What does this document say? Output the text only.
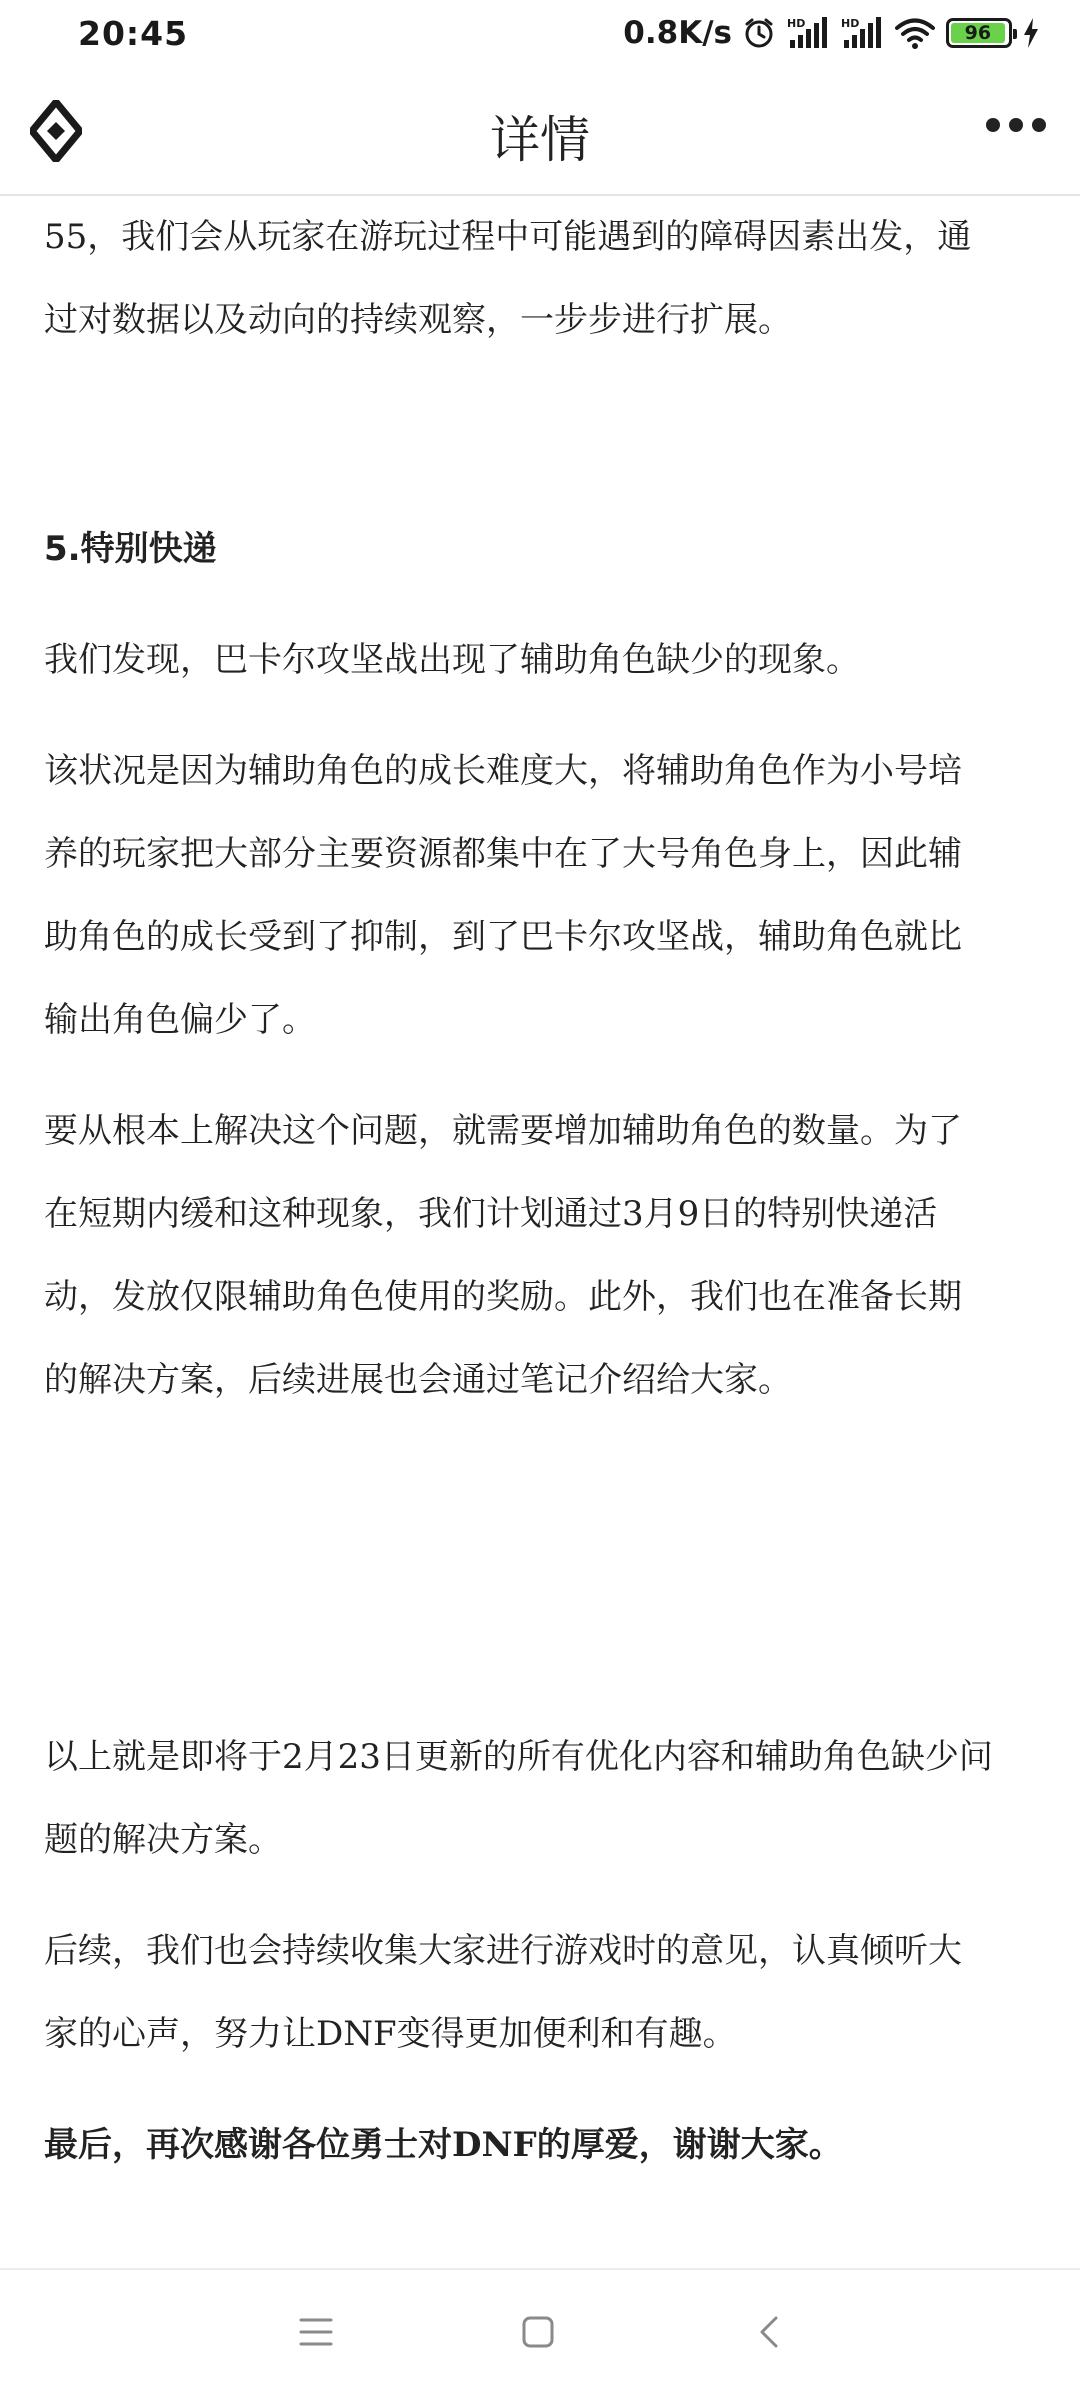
20:45	0.8K/s	HD	HD	96
详情

55，我们会从玩家在游玩过程中可能遇到的障碍因素出发，通

过对数据以及动向的持续观察，一步步进行扩展。

5.特别快递

我们发现，巴卡尔攻坚战出现了辅助角色缺少的现象。

该状况是因为辅助角色的成长难度大，将辅助角色作为小号培

养的玩家把大部分主要资源都集中在了大号角色身上，因此辅

助角色的成长受到了抑制，到了巴卡尔攻坚战，辅助角色就比

输出角色偏少了。

要从根本上解决这个问题，就需要增加辅助角色的数量。为了

在短期内缓和这种现象，我们计划通过3月9日的特别快递活

动，发放仅限辅助角色使用的奖励。此外，我们也在准备长期

的解决方案，后续进展也会通过笔记介绍给大家。

以上就是即将于2月23日更新的所有优化内容和辅助角色缺少问

题的解决方案。

后续，我们也会持续收集大家进行游戏时的意见，认真倾听大

家的心声，努力让DNF变得更加便利和有趣。

最后，再次感谢各位勇士对DNF的厚爱，谢谢大家。
